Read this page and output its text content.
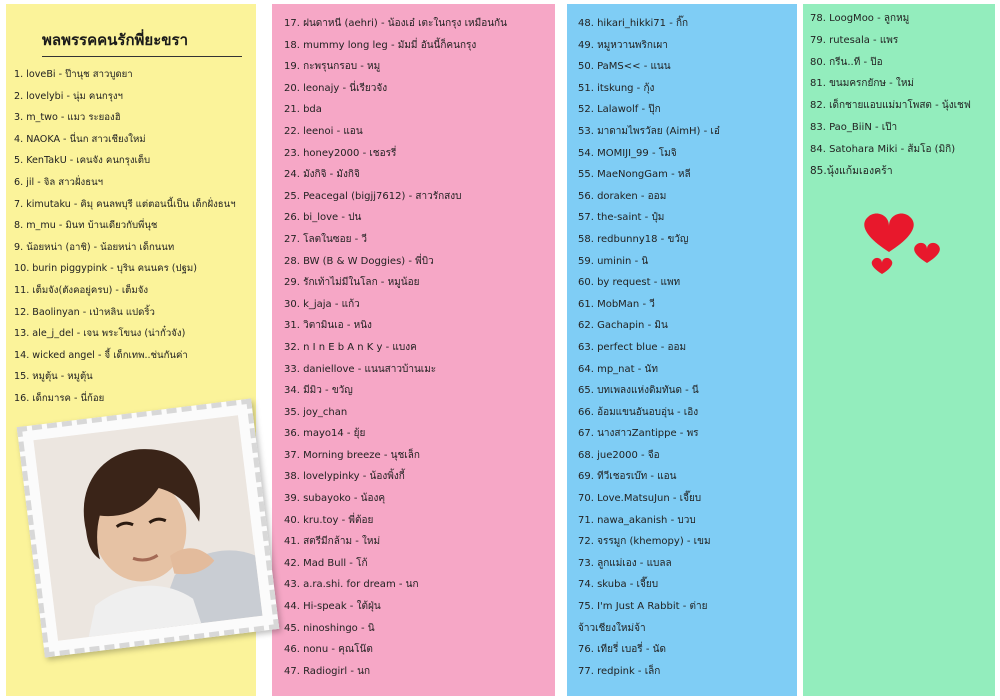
พลพรรคคนรักพี่ยะขรา
1. loveBi - ป๊านุช สาวบูดยา
2. lovelybi - นุ่ม คนกรุงฯ
3. m_two - แมว ระยองฮิ
4. NAOKA - นี่นก สาวเชียงใหม่
5. KenTakU - เคนจัง คนกรุงเต็บ
6. jil - จิล สาวฝั่งธนฯ
7. kimutaku - คิมุ คนลพบุรี แต่ตอนนี้เป็น เด็กฝั่งธนฯ
8. m_mu - มินท บ้านเดียวกับพี่นุช
9. น้อยหน่า (อาชิ) - น้อยหน่า เด็กนนท
10. burin piggypink - บุริน คนนคร (ปฐม)
11. เต็มจัง(ตังคอยู่ครบ) - เต็มจัง
12. Baolinyan - เป่าหลิน แปดริ้ว
13. ale_j_del - เจน พระโขนง (น่ากั๋วจัง)
14. wicked angel - จี้ เด็กเทพ..ช่นกันค่า
15. หมูตุ้น - หมูตุ้น
16. เด็กมารค - นี่ก้อย
17. ฝนดาหนี (aehri) - น้องเอ๋ เตะในกรุง เหมือนกัน
18. mummy long leg - มัมมี่ อันนี้ก็คนกรุง
19. กะพรุนกรอบ - หมู
20. leonajy - นี่เรียวจัง
21. bda
22. leenoi - แอน
23. honey2000 - เชอรรี่
24. มังกิจิ - มังกิจิ
25. Peacegal (bigjj7612) - สาวรักสงบ
26. bi_love - ปน
27. โลตในซอย - วี
28. BW (B & W Doggies) - พี่บิว
29. รักเท้าไม่มีในโลก - หมูน้อย
30. k_jaja - แก้ว
31. วิตามินเอ - หนิง
32. n I n E b A n K y - แบงค
33. daniellove - แนนสาวบ้านเมะ
34. มีมิว - ขวัญ
35. joy_chan
36. mayo14 - ยุ้ย
37. Morning breeze - นุชเล็ก
38. lovelypinky - น้องพิ้งกี้
39. subayoko - น้องคุ
40. kru.toy - พี่ต้อย
41. สตรีมีกล้าม - ใหม่
42. Mad Bull - โก้
43. a.ra.shi. for dream - นก
44. Hi-speak - ใต้ฝุ่น
45. ninoshingo - นิ
46. nonu - คุณโน๊ต
47. Radiogirl - นก
48. hikari_hikki71 - กิ๊ก
49. หมูหวานพริกเผา
50. PaMS<< - แนน
51. itskung - กุ้ง
52. Lalawolf - ปุ๊ก
53. มาดามไพรวัลย (AimH) - เอ๋
54. MOMIJI_99 - โมจิ
55. MaeNongGam - หลี
56. doraken - ออม
57. the-saint - ปุ๋ม
58. redbunny18 - ขวัญ
59. uminin - นิ
60. by request - แพท
61. MobMan - วี
62. Gachapin - มิน
63. perfect blue - ออม
64. mp_nat - นัท
65. บทเพลงแห่งดิมทันด - นี
66. อ้อมแขนอันอบอุ่น - เอิง
67. นางสาวZantippe - พร
68. jue2000 - จือ
69. ทีวีเชอรเบ๊ท - แอน
70. Love.MatsuJun - เจี๊ยบ
71. nawa_akanish - บวบ
72. จรรมูก (khemopy) - เขม
73. ลูกแม่เอง - แบลล
74. skuba - เจี๊ยบ
75. I'm Just A Rabbit - ต่าย
จ้าวเชียงใหม่จ้า
76. เทียรี่ เบอรี่ - นัด
77. redpink - เล็ก
78. LoogMoo - ลูกหมู
79. rutesala - แพร
80. กรีน..ที - ป๊อ
81. ขนมครกยักษ - ใหม่
82. เด็กชายแอบแม่มาโพสต - นุ้งเชฟ
83. Pao_BiiN - เป๊า
84. Satohara Miki - ส้มโอ (มิกิ)
85.นุ้งแก้มเองคร้า
